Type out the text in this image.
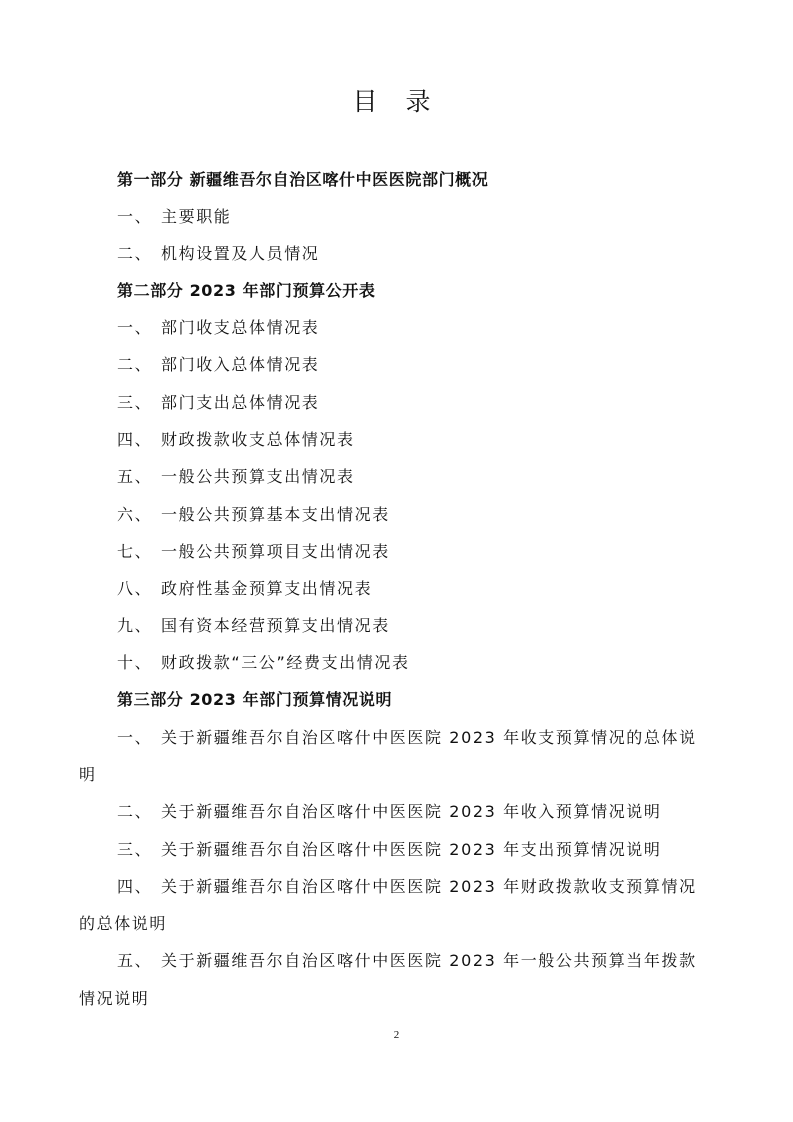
目 录
第一部分 新疆维吾尔自治区喀什中医医院部门概况
一、 主要职能
二、 机构设置及人员情况
第二部分 2023 年部门预算公开表
一、 部门收支总体情况表
二、 部门收入总体情况表
三、 部门支出总体情况表
四、 财政拨款收支总体情况表
五、 一般公共预算支出情况表
六、 一般公共预算基本支出情况表
七、 一般公共预算项目支出情况表
八、 政府性基金预算支出情况表
九、 国有资本经营预算支出情况表
十、 财政拨款“三公”经费支出情况表
第三部分 2023 年部门预算情况说明
一、 关于新疆维吾尔自治区喀什中医医院 2023 年收支预算情况的总体说
明
二、 关于新疆维吾尔自治区喀什中医医院 2023 年收入预算情况说明
三、 关于新疆维吾尔自治区喀什中医医院 2023 年支出预算情况说明
四、 关于新疆维吾尔自治区喀什中医医院 2023 年财政拨款收支预算情况
的总体说明
五、 关于新疆维吾尔自治区喀什中医医院 2023 年一般公共预算当年拨款
情况说明
2
